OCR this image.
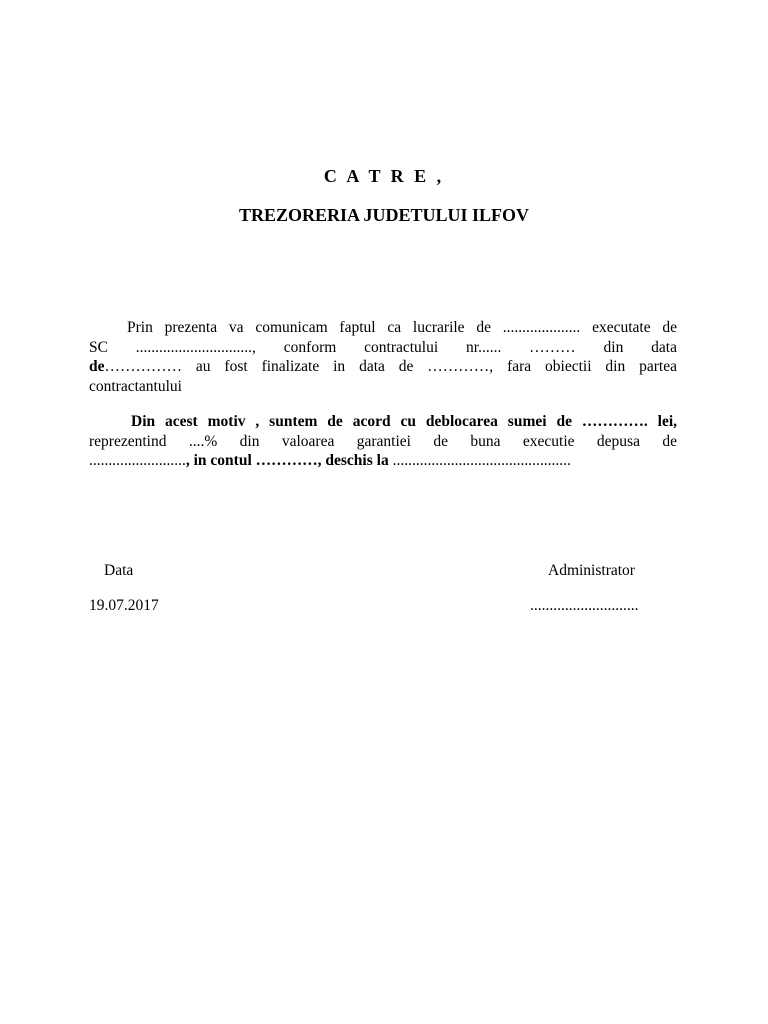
C A T R E ,
TREZORERIA JUDETULUI ILFOV
Prin prezenta va comunicam faptul ca lucrarile de .................... executate de
SC .............................., conform contractului nr...... ……… din data
de…………… au fost finalizate in data de …………, fara obiectii din partea
contractantului
Din acest motiv , suntem de acord cu deblocarea sumei de …………. lei,
reprezentind ....% din valoarea garantiei de buna executie depusa de
........................., in contul …………, deschis la ..............................................
Data
19.07.2017
Administrator
............................
